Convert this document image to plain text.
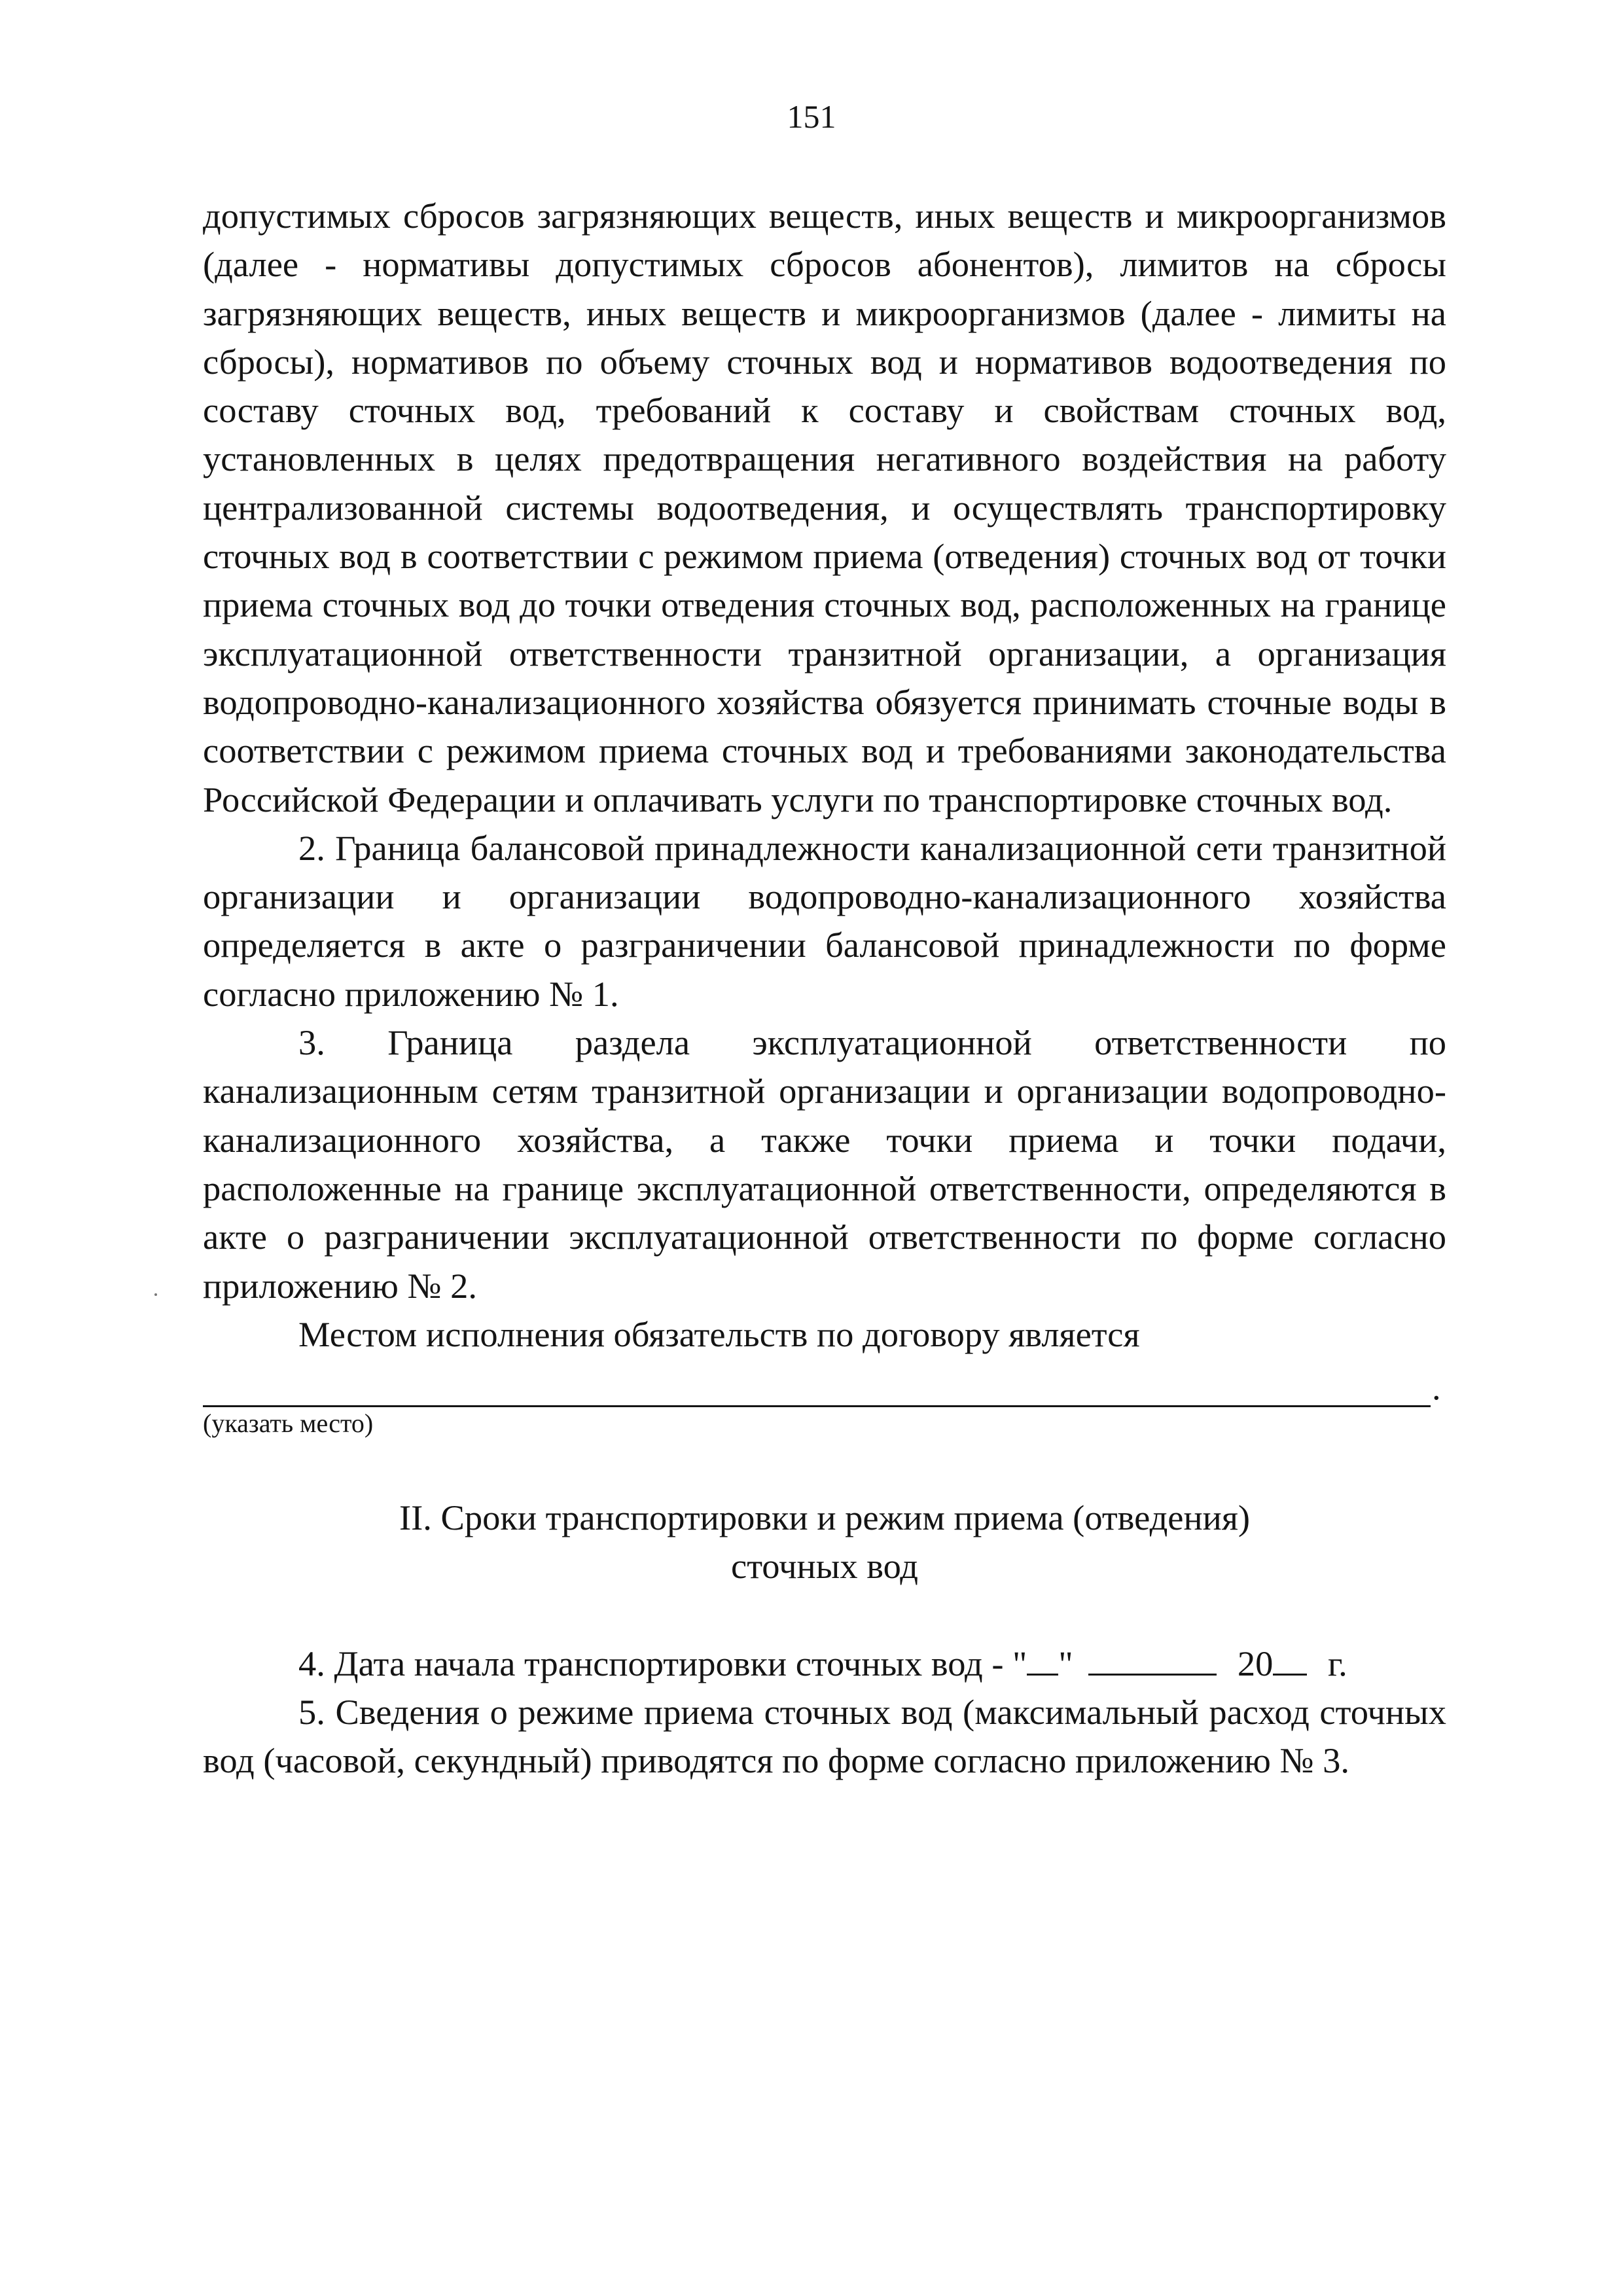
151

допустимых сбросов загрязняющих веществ, иных веществ и микроорганизмов (далее - нормативы допустимых сбросов абонентов), лимитов на сбросы загрязняющих веществ, иных веществ и микроорганизмов (далее - лимиты на сбросы), нормативов по объему сточных вод и нормативов водоотведения по составу сточных вод, требований к составу и свойствам сточных вод, установленных в целях предотвращения негативного воздействия на работу централизованной системы водоотведения, и осуществлять транспортировку сточных вод в соответствии с режимом приема (отведения) сточных вод от точки приема сточных вод до точки отведения сточных вод, расположенных на границе эксплуатационной ответственности транзитной организации, а организация водопроводно-канализационного хозяйства обязуется принимать сточные воды в соответствии с режимом приема сточных вод и требованиями законодательства Российской Федерации и оплачивать услуги по транспортировке сточных вод.

2. Граница балансовой принадлежности канализационной сети транзитной организации и организации водопроводно-канализационного хозяйства определяется в акте о разграничении балансовой принадлежности по форме согласно приложению № 1.

3. Граница раздела эксплуатационной ответственности по канализационным сетям транзитной организации и организации водопроводно-канализационного хозяйства, а также точки приема и точки подачи, расположенные на границе эксплуатационной ответственности, определяются в акте о разграничении эксплуатационной ответственности по форме согласно приложению № 2.

Местом исполнения обязательств по договору является

.

(указать место)

II. Сроки транспортировки и режим приема (отведения)
сточных вод

4. Дата начала транспортировки сточных вод - " "	20 г.

5. Сведения о режиме приема сточных вод (максимальный расход сточных вод (часовой, секундный) приводятся по форме согласно приложению № 3.
